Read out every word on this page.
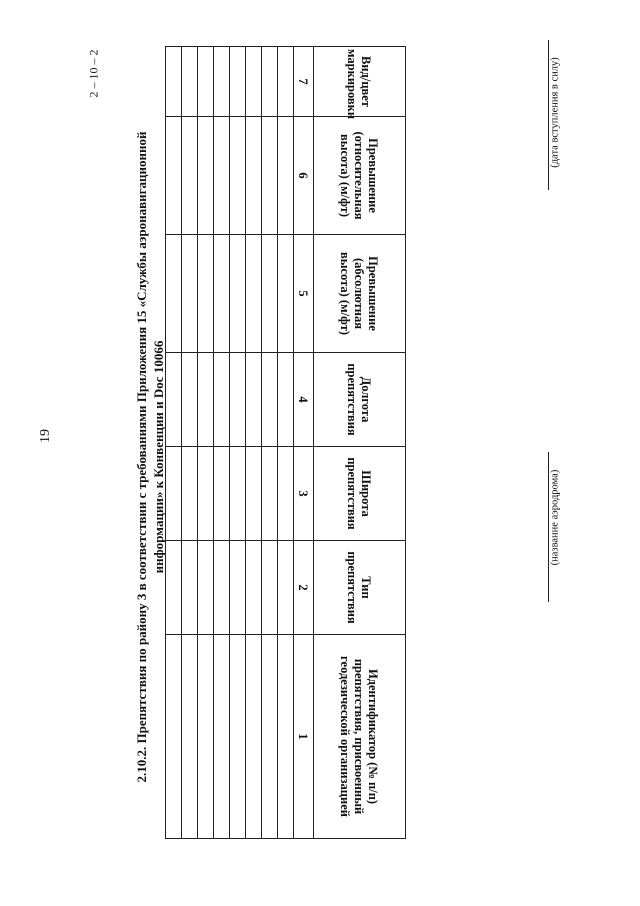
19
2 – 10 – 2
2.10.2. Препятствия по району 3 в соответствии с требованиями Приложения 15 «Службы аэронавигационной информации» к Конвенции и Doc 10066
Вид/цвет маркировки	Превышение (относительная высота) (м/фт)	Превышение (абсолютная высота) (м/фт)	Долгота препятствия	Широта препятствия	Тип препятствия	Идентификатор (№ п/п) препятствия, присвоенный геодезической организацией
7	6	5	4	3	2	1

(дата вступления в силу)
(название аэродрома)
